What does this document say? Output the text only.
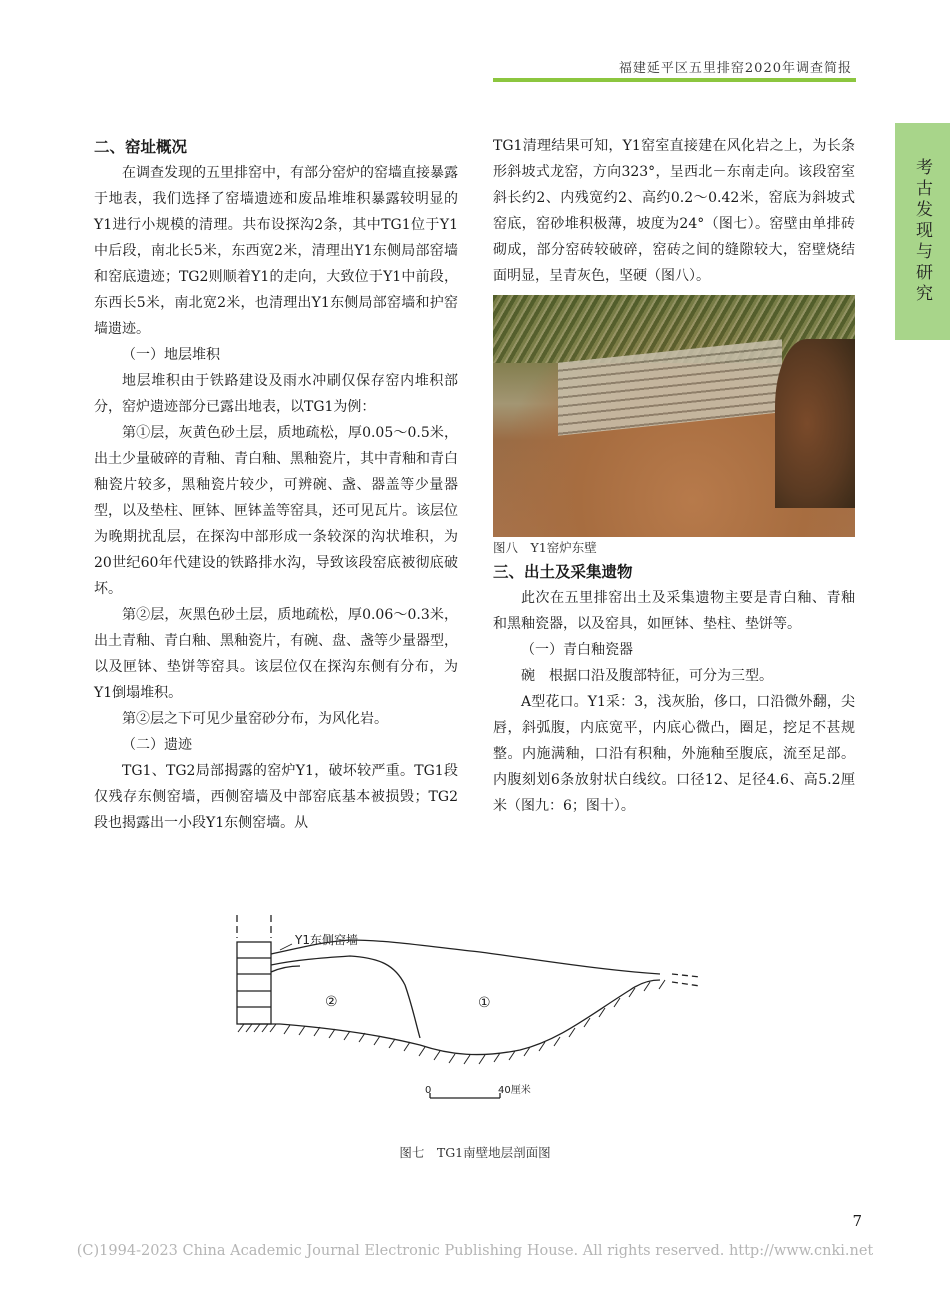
福建延平区五里排窑2020年调查简报
考古发现与研究

二、窑址概况

在调查发现的五里排窑中，有部分窑炉的窑墙直接暴露于地表，我们选择了窑墙遗迹和废品堆堆积暴露较明显的Y1进行小规模的清理。共布设探沟2条，其中TG1位于Y1中后段，南北长5米，东西宽2米，清理出Y1东侧局部窑墙和窑底遗迹；TG2则顺着Y1的走向，大致位于Y1中前段，东西长5米，南北宽2米，也清理出Y1东侧局部窑墙和护窑墙遗迹。

（一）地层堆积

地层堆积由于铁路建设及雨水冲刷仅保存窑内堆积部分，窑炉遗迹部分已露出地表，以TG1为例：

第①层，灰黄色砂土层，质地疏松，厚0.05～0.5米，出土少量破碎的青釉、青白釉、黑釉瓷片，其中青釉和青白釉瓷片较多，黑釉瓷片较少，可辨碗、盏、器盖等少量器型，以及垫柱、匣钵、匣钵盖等窑具，还可见瓦片。该层位为晚期扰乱层，在探沟中部形成一条较深的沟状堆积，为20世纪60年代建设的铁路排水沟，导致该段窑底被彻底破坏。

第②层，灰黑色砂土层，质地疏松，厚0.06～0.3米，出土青釉、青白釉、黑釉瓷片，有碗、盘、盏等少量器型，以及匣钵、垫饼等窑具。该层位仅在探沟东侧有分布，为Y1倒塌堆积。

第②层之下可见少量窑砂分布，为风化岩。

（二）遗迹

TG1、TG2局部揭露的窑炉Y1，破坏较严重。TG1段仅残存东侧窑墙，西侧窑墙及中部窑底基本被损毁；TG2段也揭露出一小段Y1东侧窑墙。从

TG1清理结果可知，Y1窑室直接建在风化岩之上，为长条形斜坡式龙窑，方向323°，呈西北－东南走向。该段窑室斜长约2、内残宽约2、高约0.2～0.42米，窑底为斜坡式窑底，窑砂堆积极薄，坡度为24°（图七）。窑壁由单排砖砌成，部分窑砖较破碎，窑砖之间的缝隙较大，窑壁烧结面明显，呈青灰色，坚硬（图八）。

图八　Y1窑炉东壁

三、出土及采集遗物

此次在五里排窑出土及采集遗物主要是青白釉、青釉和黑釉瓷器，以及窑具，如匣钵、垫柱、垫饼等。

（一）青白釉瓷器

碗　根据口沿及腹部特征，可分为三型。

A型花口。Y1采：3，浅灰胎，侈口，口沿微外翻，尖唇，斜弧腹，内底宽平，内底心微凸，圈足，挖足不甚规整。内施满釉，口沿有积釉，外施釉至腹底，流至足部。内腹刻划6条放射状白线纹。口径12、足径4.6、高5.2厘米（图九：6；图十）。

Y1东侧窑墙
②	①
0	40厘米
图七　TG1南壁地层剖面图
7
(C)1994-2023 China Academic Journal Electronic Publishing House. All rights reserved. http://www.cnki.net
